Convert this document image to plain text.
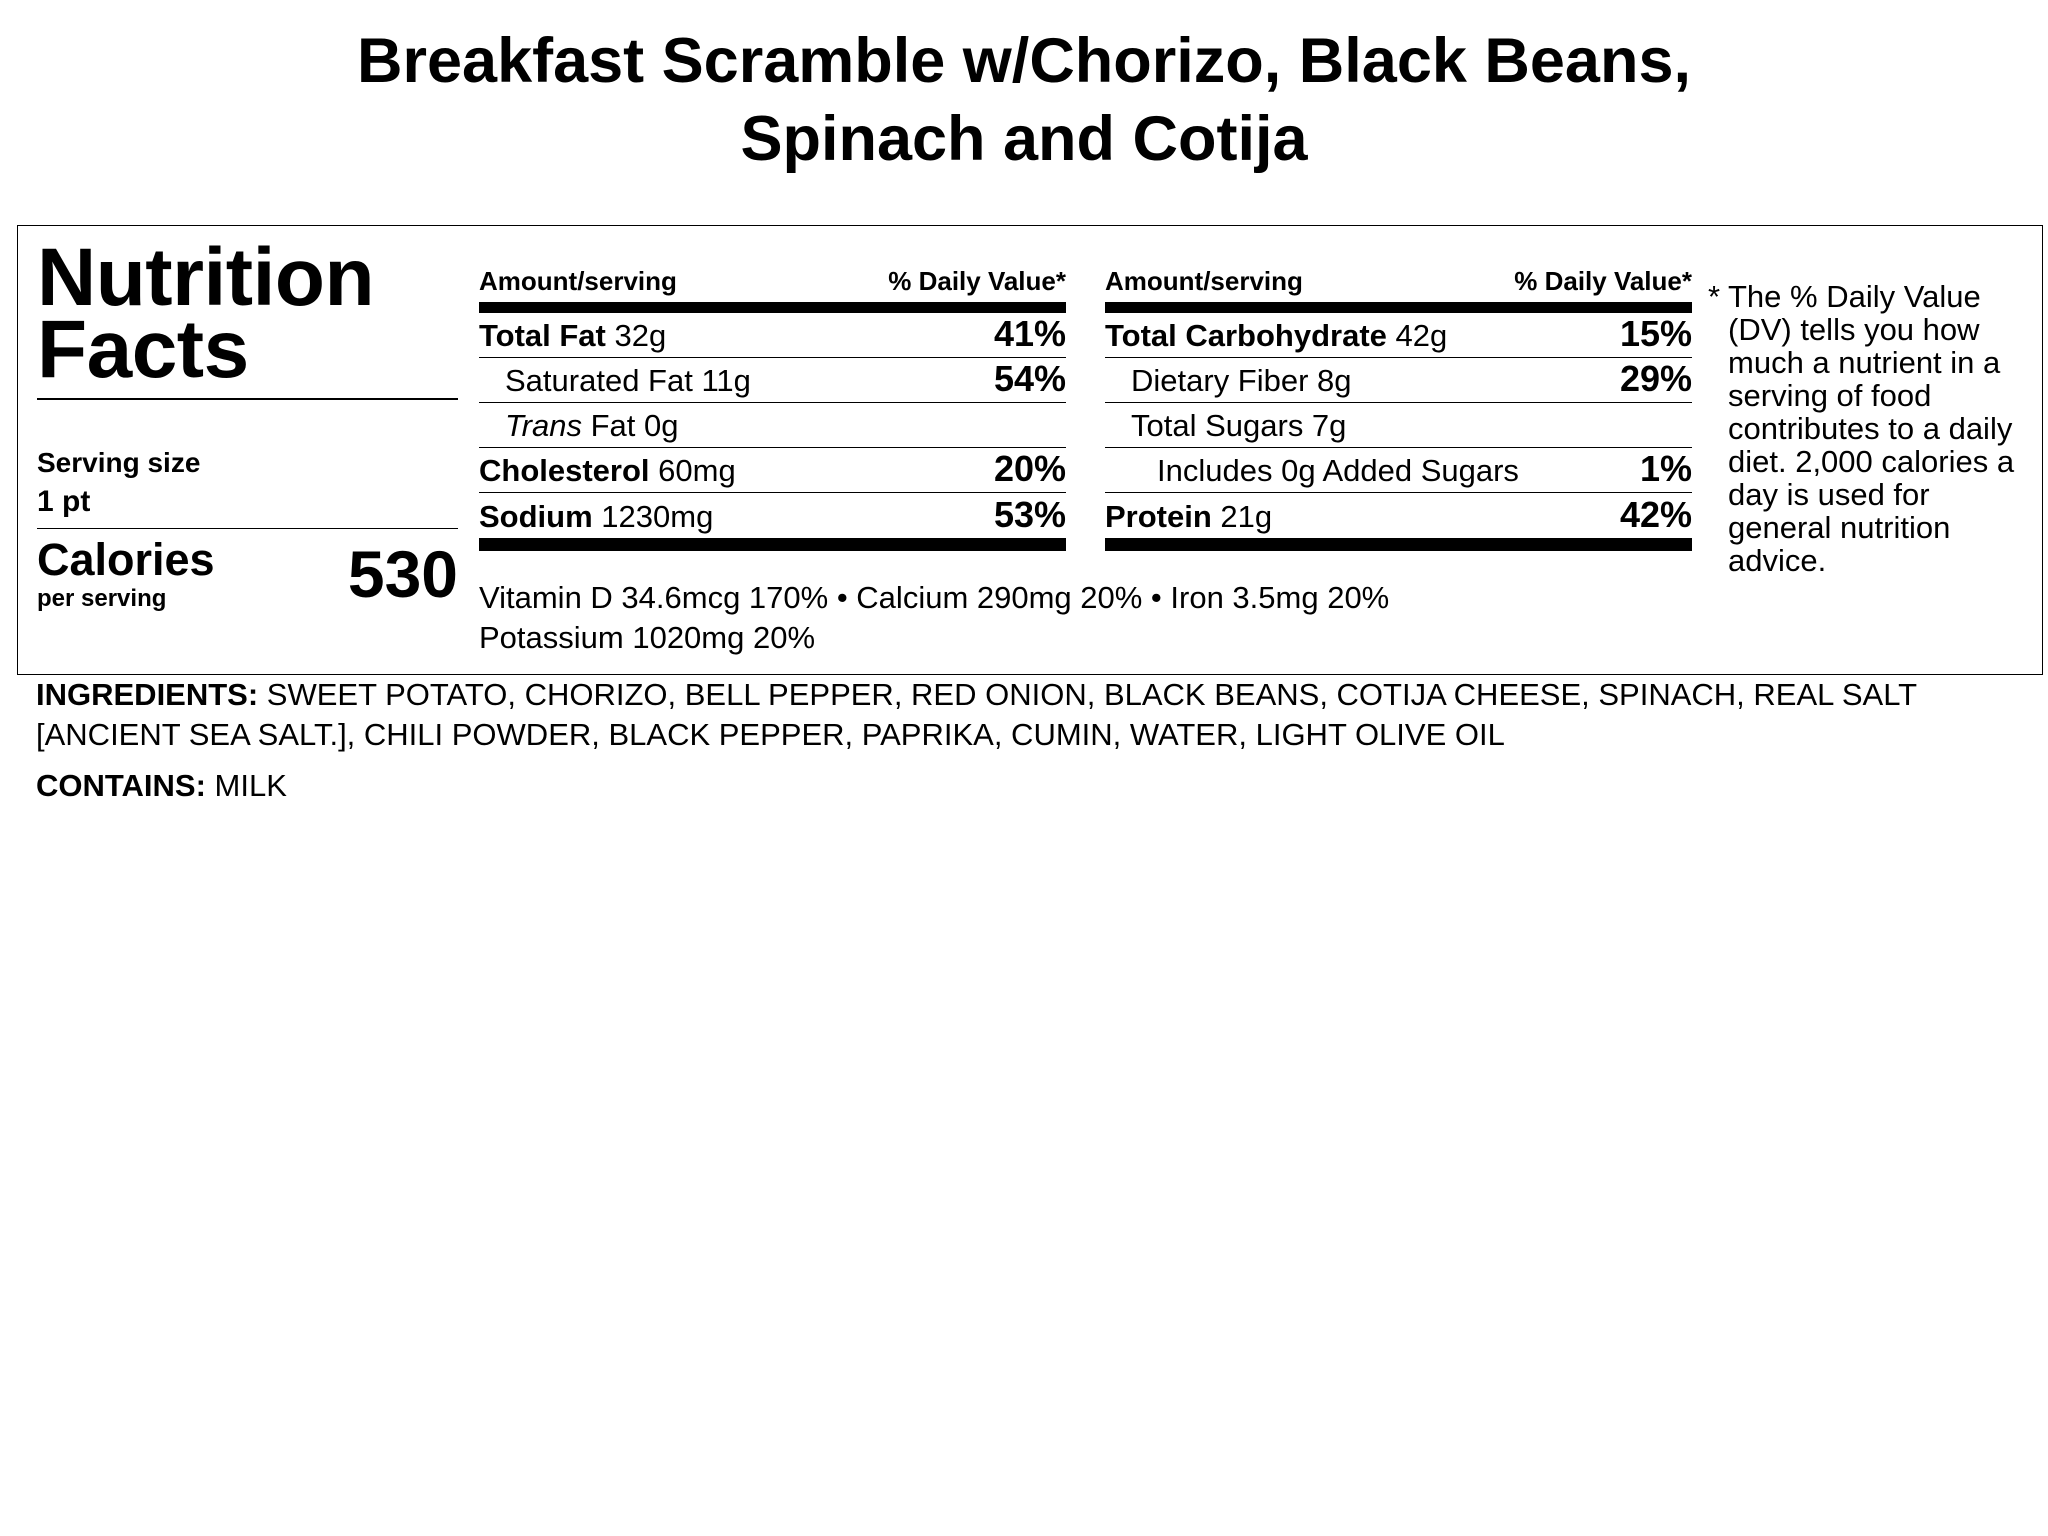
Breakfast Scramble w/Chorizo, Black Beans,
Spinach and Cotija
Nutrition
Facts
Serving size
1 pt
Calories
per serving	530
Amount/serving	% Daily Value*
Total Fat 32g	41%
Saturated Fat 11g	54%
Trans Fat 0g
Cholesterol 60mg	20%
Sodium 1230mg	53%
Amount/serving	% Daily Value*
Total Carbohydrate 42g	15%
Dietary Fiber 8g	29%
Total Sugars 7g
Includes 0g Added Sugars	1%
Protein 21g	42%
Vitamin D 34.6mcg 170% • Calcium 290mg 20% • Iron 3.5mg 20%
Potassium 1020mg 20%
* The % Daily Value (DV) tells you how much a nutrient in a serving of food contributes to a daily diet. 2,000 calories a day is used for general nutrition advice.
INGREDIENTS: SWEET POTATO, CHORIZO, BELL PEPPER, RED ONION, BLACK BEANS, COTIJA CHEESE, SPINACH, REAL SALT [ANCIENT SEA SALT.], CHILI POWDER, BLACK PEPPER, PAPRIKA, CUMIN, WATER, LIGHT OLIVE OIL
CONTAINS: MILK
